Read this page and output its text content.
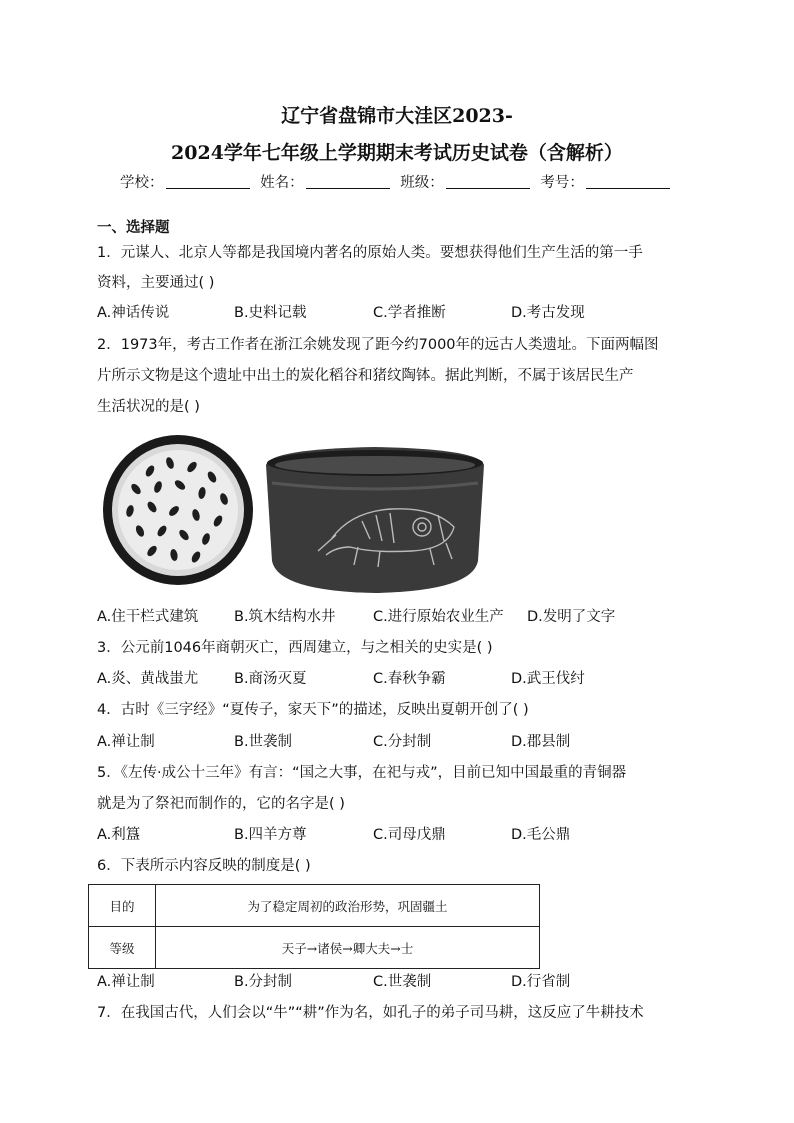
辽宁省盘锦市大洼区2023-
2024学年七年级上学期期末考试历史试卷（含解析）
学校：	姓名：	班级：	考号：
一、选择题
1．元谋人、北京人等都是我国境内著名的原始人类。要想获得他们生产生活的第一手
资料，主要通过( )
A.神话传说	B.史料记载	C.学者推断	D.考古发现
2．1973年，考古工作者在浙江余姚发现了距今约7000年的远古人类遗址。下面两幅图
片所示文物是这个遗址中出土的炭化稻谷和猪纹陶钵。据此判断，不属于该居民生产
生活状况的是( )
A.住干栏式建筑 B.筑木结构水井	C.进行原始农业生产 D.发明了文字
3．公元前1046年商朝灭亡，西周建立，与之相关的史实是( )
A.炎、黄战蚩尤 B.商汤灭夏	C.春秋争霸	D.武王伐纣
4．古时《三字经》“夏传子，家天下”的描述，反映出夏朝开创了( )
A.禅让制	B.世袭制	C.分封制	D.郡县制
5．《左传·成公十三年》有言：“国之大事，在祀与戎”，目前已知中国最重的青铜器
就是为了祭祀而制作的，它的名字是( )
A.利簋	B.四羊方尊	C.司母戊鼎	D.毛公鼎
6．下表所示内容反映的制度是( )
目的	为了稳定周初的政治形势，巩固疆土
等级	天子→诸侯→卿大夫→士
A.禅让制	B.分封制	C.世袭制	D.行省制
7．在我国古代，人们会以“牛”“耕”作为名，如孔子的弟子司马耕，这反应了牛耕技术
